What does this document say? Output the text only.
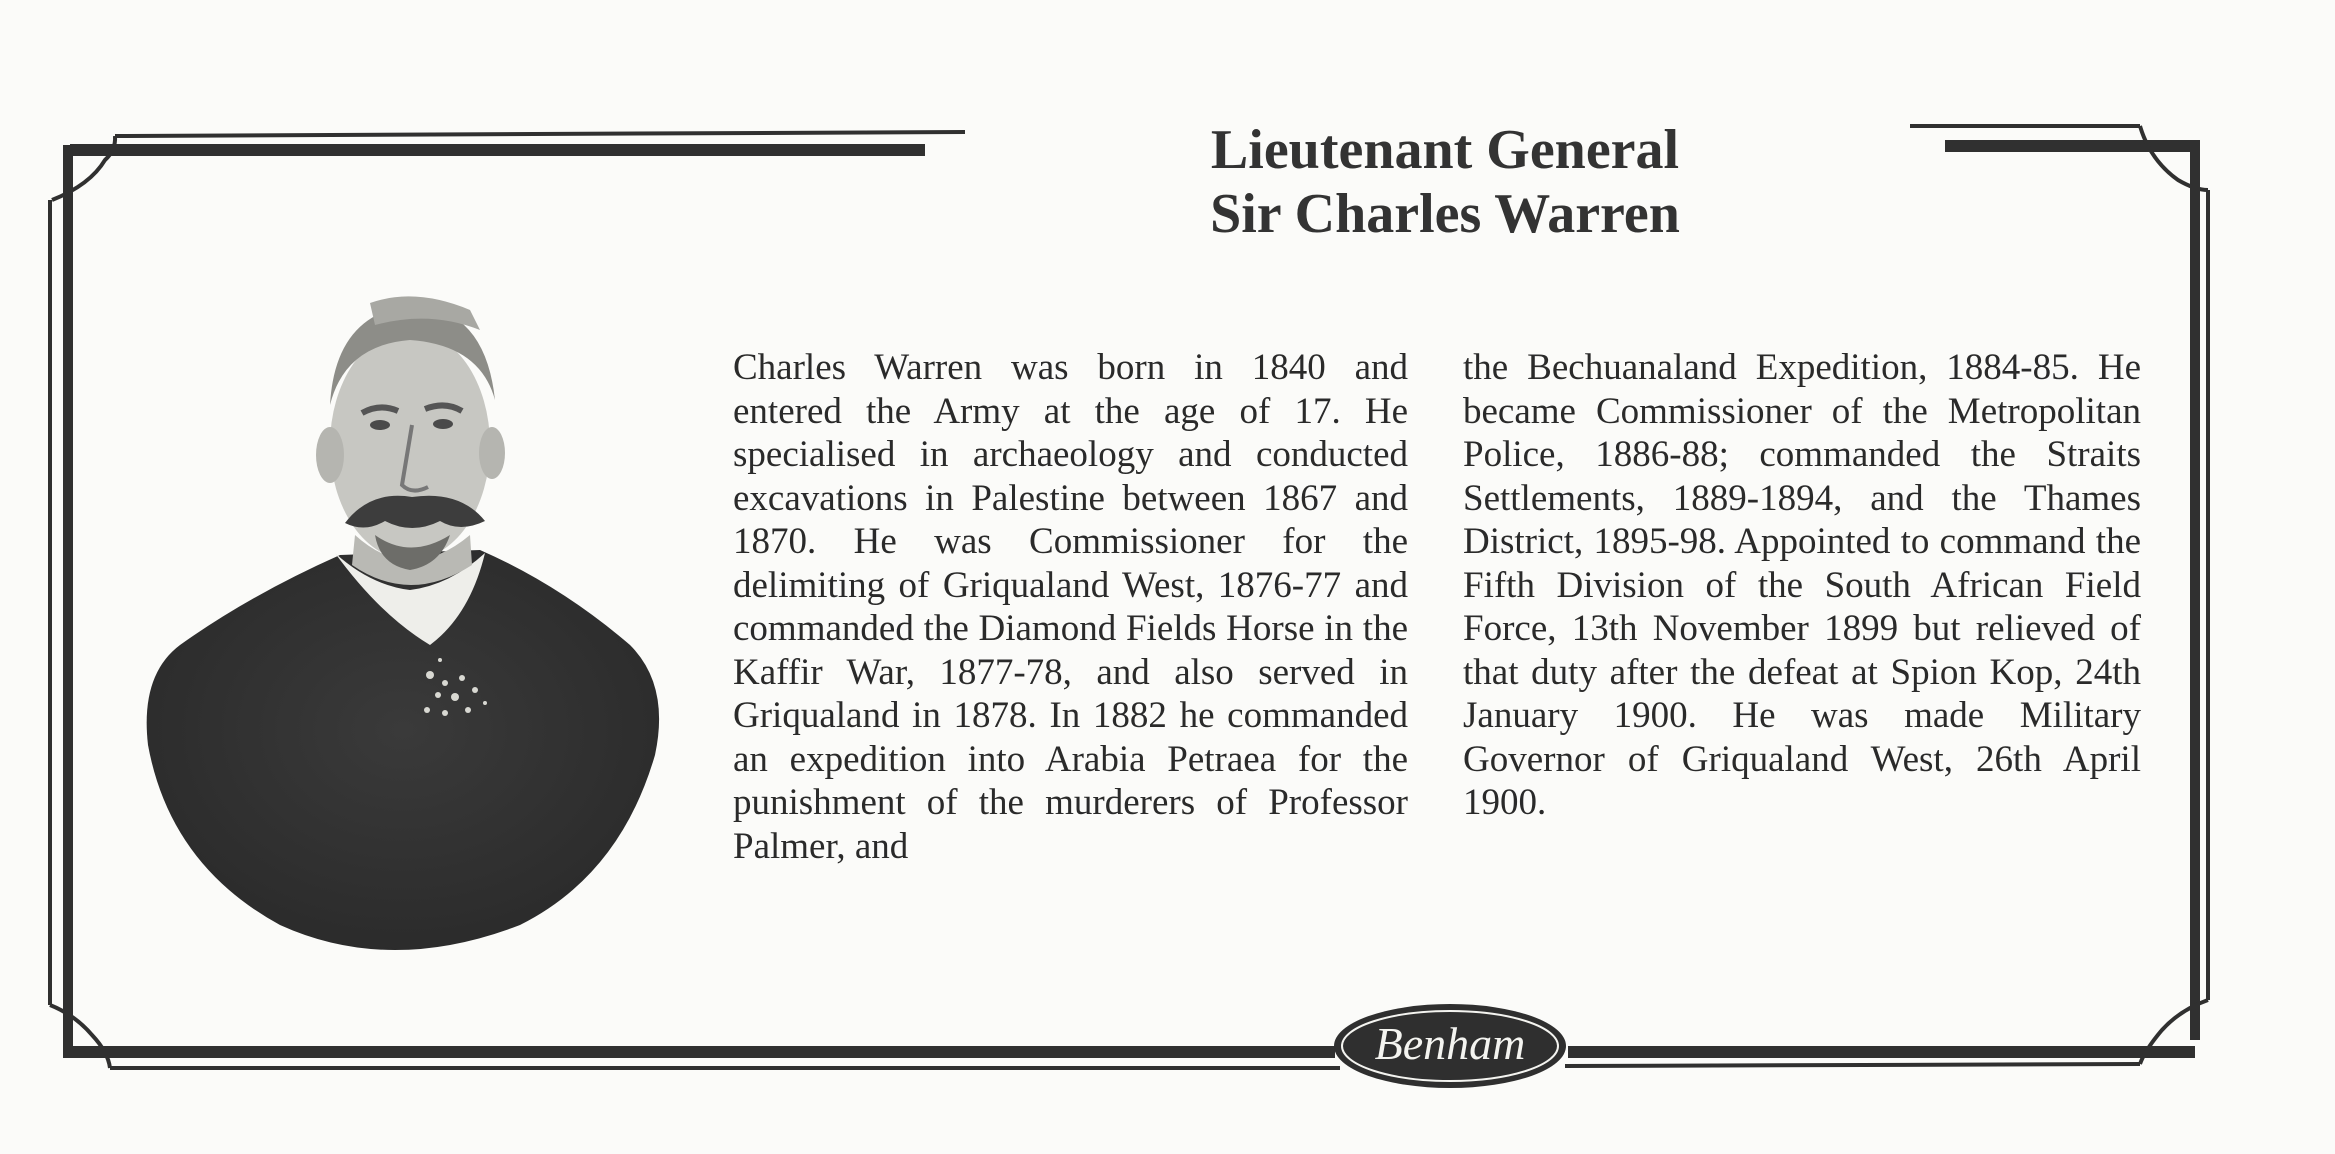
Lieutenant General
Sir Charles Warren

Charles Warren was born in 1840 and entered the Army at the age of 17. He specialised in archaeology and conducted excavations in Palestine between 1867 and 1870. He was Commissioner for the delimiting of Griqualand West, 1876-77 and commanded the Diamond Fields Horse in the Kaffir War, 1877-78, and also served in Griqualand in 1878. In 1882 he commanded an expedition into Arabia Petraea for the punishment of the murderers of Professor Palmer, and

the Bechuanaland Expedition, 1884-85. He became Commissioner of the Metropolitan Police, 1886-88; commanded the Straits Settlements, 1889-1894, and the Thames District, 1895-98. Appointed to command the Fifth Division of the South African Field Force, 13th November 1899 but relieved of that duty after the defeat at Spion Kop, 24th January 1900. He was made Military Governor of Griqualand West, 26th April 1900.

Benham
